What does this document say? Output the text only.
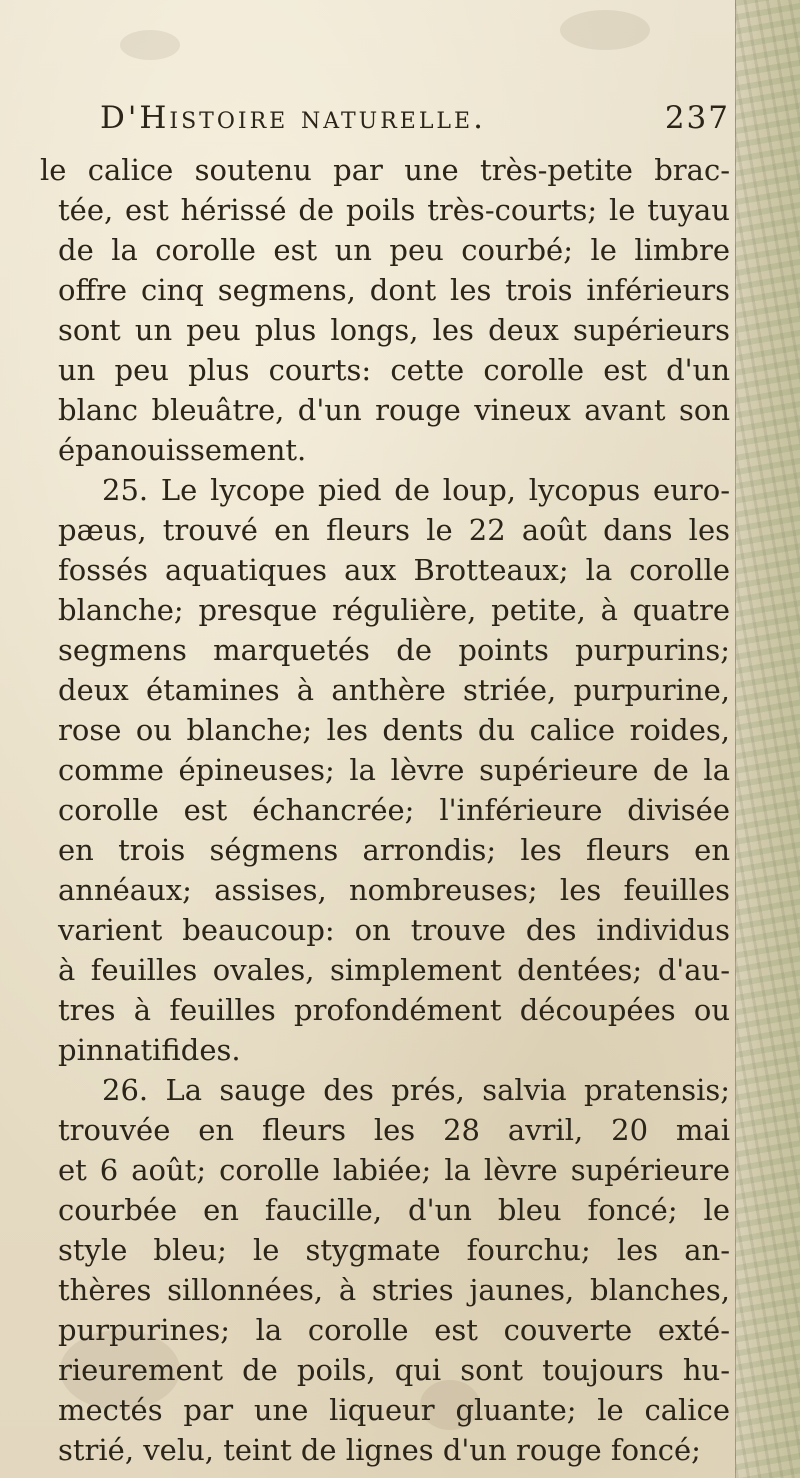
D'Histoire naturelle.	237
le calice soutenu par une très-petite brac-
tée, est hérissé de poils très-courts; le tuyau
de la corolle est un peu courbé; le limbre
offre cinq segmens, dont les trois inférieurs
sont un peu plus longs, les deux supérieurs
un peu plus courts: cette corolle est d'un
blanc bleuâtre, d'un rouge vineux avant son
épanouissement.
25. Le lycope pied de loup, lycopus euro-
pæus, trouvé en fleurs le 22 août dans les
fossés aquatiques aux Brotteaux; la corolle
blanche; presque régulière, petite, à quatre
segmens marquetés de points purpurins;
deux étamines à anthère striée, purpurine,
rose ou blanche; les dents du calice roides,
comme épineuses; la lèvre supérieure de la
corolle est échancrée; l'inférieure divisée
en trois ségmens arrondis; les fleurs en
annéaux; assises, nombreuses; les feuilles
varient beaucoup: on trouve des individus
à feuilles ovales, simplement dentées; d'au-
tres à feuilles profondément découpées ou
pinnatifides.
26. La sauge des prés, salvia pratensis;
trouvée en fleurs les 28 avril, 20 mai
et 6 août; corolle labiée; la lèvre supérieure
courbée en faucille, d'un bleu foncé; le
style bleu; le stygmate fourchu; les an-
thères sillonnées, à stries jaunes, blanches,
purpurines; la corolle est couverte exté-
rieurement de poils, qui sont toujours hu-
mectés par une liqueur gluante; le calice
strié, velu, teint de lignes d'un rouge foncé;
